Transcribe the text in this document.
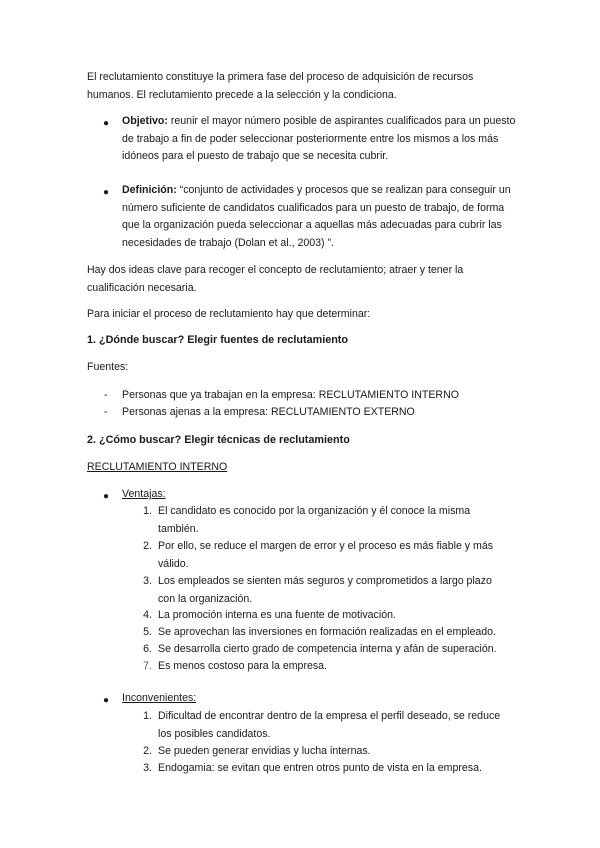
El reclutamiento constituye la primera fase del proceso de adquisición de recursos humanos. El reclutamiento precede a la selección y la condiciona.

● Objetivo: reunir el mayor número posible de aspirantes cualificados para un puesto de trabajo a fin de poder seleccionar posteriormente entre los mismos a los más idóneos para el puesto de trabajo que se necesita cubrir.

● Definición: “conjunto de actividades y procesos que se realizan para conseguir un número suficiente de candidatos cualificados para un puesto de trabajo, de forma que la organización pueda seleccionar a aquellas más adecuadas para cubrir las necesidades de trabajo (Dolan et al., 2003) ”.

Hay dos ideas clave para recoger el concepto de reclutamiento; atraer y tener la cualificación necesaria.

Para iniciar el proceso de reclutamiento hay que determinar:

1. ¿Dónde buscar? Elegir fuentes de reclutamiento
Fuentes:
- Personas que ya trabajan en la empresa: RECLUTAMIENTO INTERNO
- Personas ajenas a la empresa: RECLUTAMIENTO EXTERNO
2. ¿Cómo buscar? Elegir técnicas de reclutamiento
RECLUTAMIENTO INTERNO
● Ventajas:
1. El candidato es conocido por la organización y él conoce la misma también.

2. Por ello, se reduce el margen de error y el proceso es más fiable y más válido.

3. Los empleados se sienten más seguros y comprometidos a largo plazo con la organización.

4. La promoción interna es una fuente de motivación.

5. Se aprovechan las inversiones en formación realizadas en el empleado.

6. Se desarrolla cierto grado de competencia interna y afán de superación.

7. Es menos costoso para la empresa.

● Inconvenientes:
1. Dificultad de encontrar dentro de la empresa el perfil deseado, se reduce los posibles candidatos.

2. Se pueden generar envidias y lucha internas.

3. Endogamia: se evitan que entren otros punto de vista en la empresa.
